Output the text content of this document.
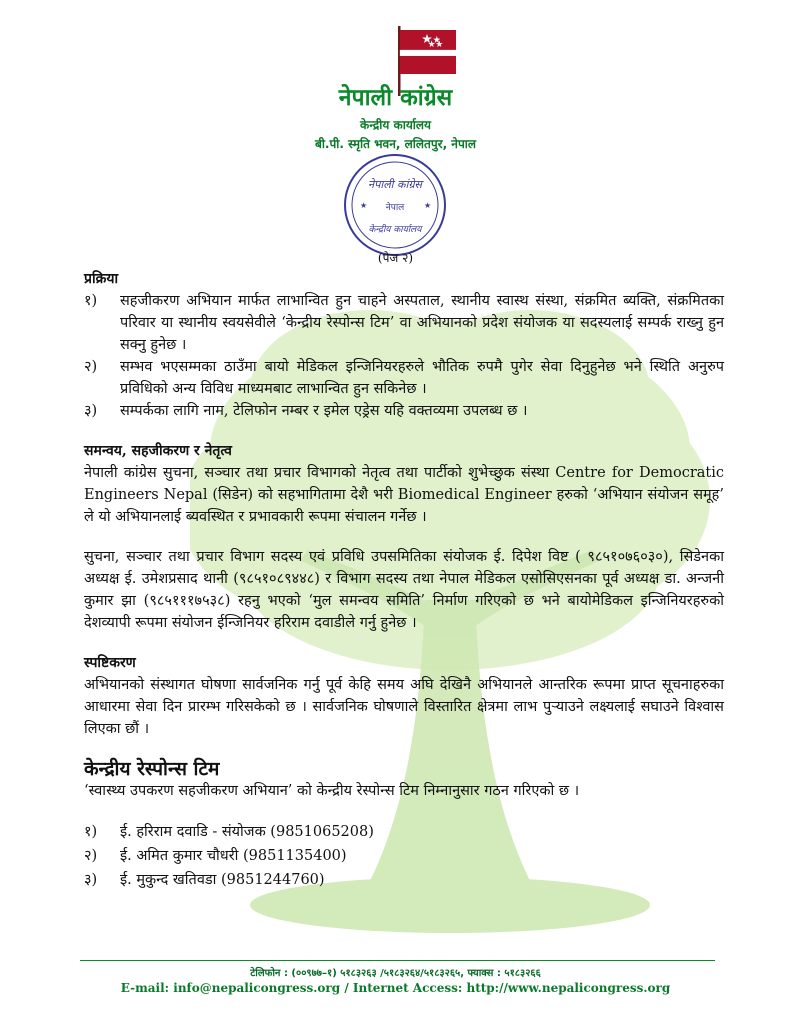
नेपाली कांग्रेस
केन्द्रीय कार्यालय
बी.पी. स्मृति भवन, ललितपुर, नेपाल
नेपाली कांग्रेस
नेपाल
केन्द्रीय कार्यालय
★	★
(पेज २)
प्रक्रिया
१)	सहजीकरण अभियान मार्फत लाभान्वित हुन चाहने अस्पताल, स्थानीय स्वास्थ संस्था, संक्रमित ब्यक्ति, संक्रमितका परिवार या स्थानीय स्वयसेवीले ‘केन्द्रीय रेस्पोन्स टिम’ वा अभियानको प्रदेश संयोजक या सदस्यलाई सम्पर्क राख्नु हुन सक्नु हुनेछ ।
२)	सम्भव भएसम्मका ठाउँमा बायो मेडिकल इन्जिनियरहरुले भौतिक रुपमै पुगेर सेवा दिनुहुनेछ भने स्थिति अनुरुप प्रविधिको अन्य विविध माध्यमबाट लाभान्वित हुन सकिनेछ ।
३)	सम्पर्कका लागि नाम, टेलिफोन नम्बर र इमेल एड्रेस यहि वक्तव्यमा उपलब्ध छ ।
समन्वय, सहजीकरण र नेतृत्व

नेपाली कांग्रेस सुचना, सञ्चार तथा प्रचार विभागको नेतृत्व तथा पार्टीको शुभेच्छुक संस्था Centre for Democratic Engineers Nepal (सिडेन) को सहभागितामा देशै भरी Biomedical Engineer हरुको ‘अभियान संयोजन समूह’ ले यो अभियानलाई ब्यवस्थित र प्रभावकारी रूपमा संचालन गर्नेछ ।

सुचना, सञ्चार तथा प्रचार विभाग सदस्य एवं प्रविधि उपसमितिका संयोजक ई. दिपेश विष्ट ( ९८५१०७६०३०), सिडेनका अध्यक्ष ई. उमेशप्रसाद थानी (९८५१०८९४४८) र विभाग सदस्य तथा नेपाल मेडिकल एसोसिएसनका पूर्व अध्यक्ष डा. अन्जनी कुमार झा (९८५१११७५३८) रहनु भएको ‘मुल समन्वय समिति’ निर्माण गरिएको छ भने बायोमेडिकल इन्जिनियरहरुको देशव्यापी रूपमा संयोजन ईन्जिनियर हरिराम दवाडीले गर्नु हुनेछ ।

स्पष्टिकरण

अभियानको संस्थागत घोषणा सार्वजनिक गर्नु पूर्व केहि समय अघि देखिनै अभियानले आन्तरिक रूपमा प्राप्त सूचनाहरुका आधारमा सेवा दिन प्रारम्भ गरिसकेको छ । सार्वजनिक घोषणाले विस्तारित क्षेत्रमा लाभ पुऱ्याउने लक्ष्यलाई सघाउने विश्वास लिएका छौं ।

केन्द्रीय रेस्पोन्स टिम

‘स्वास्थ्य उपकरण सहजीकरण अभियान’ को केन्द्रीय रेस्पोन्स टिम निम्नानुसार गठन गरिएको छ ।

१)	ई. हरिराम दवाडि - संयोजक (9851065208)
२)	ई. अमित कुमार चौधरी (9851135400)
३)	ई. मुकुन्द खतिवडा (9851244760)
टेलिफोन : (००९७७–१) ५१८३२६३ /५१८३२६४/५१८३२६५, फ्याक्स : ५१८३२६६
E-mail: info@nepalicongress.org / Internet Access: http://www.nepalicongress.org
